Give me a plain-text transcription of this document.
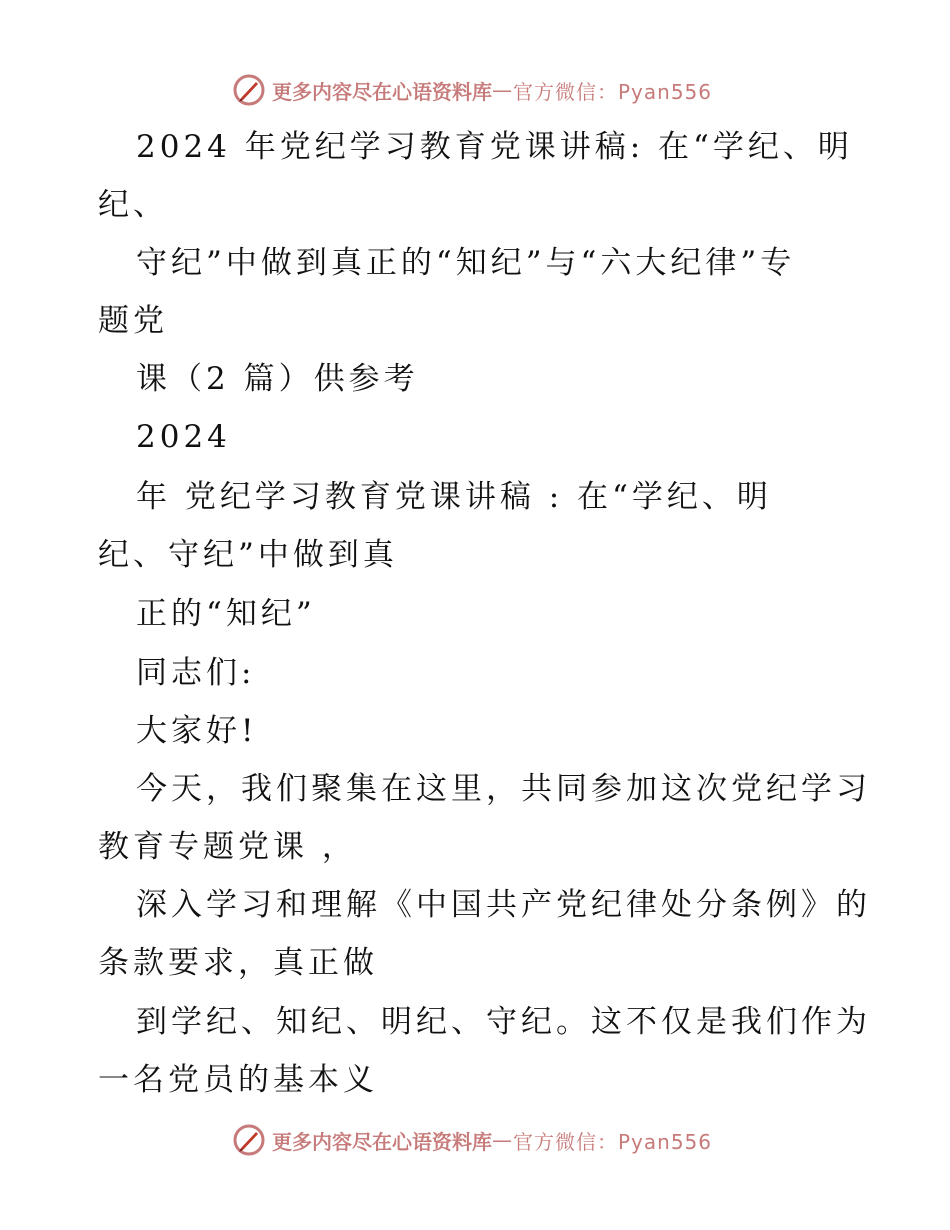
更多内容尽在心语资料库 — 官方微信：Pyan556
2024 年党纪学习教育党课讲稿: 在“学纪、明
纪、
守纪”中做到真正的“知纪”与“六大纪律”专
题党
课（2 篇）供参考
2024
年 党纪学习教育党课讲稿 : 在“学纪、明
纪、守纪”中做到真
正的“知纪”
同志们:
大家好!
今天，我们聚集在这里，共同参加这次党纪学习
教育专题党课 ，
深入学习和理解《中国共产党纪律处分条例》的
条款要求，真正做
到学纪、知纪、明纪、守纪。这不仅是我们作为
一名党员的基本义
更多内容尽在心语资料库 — 官方微信：Pyan556
